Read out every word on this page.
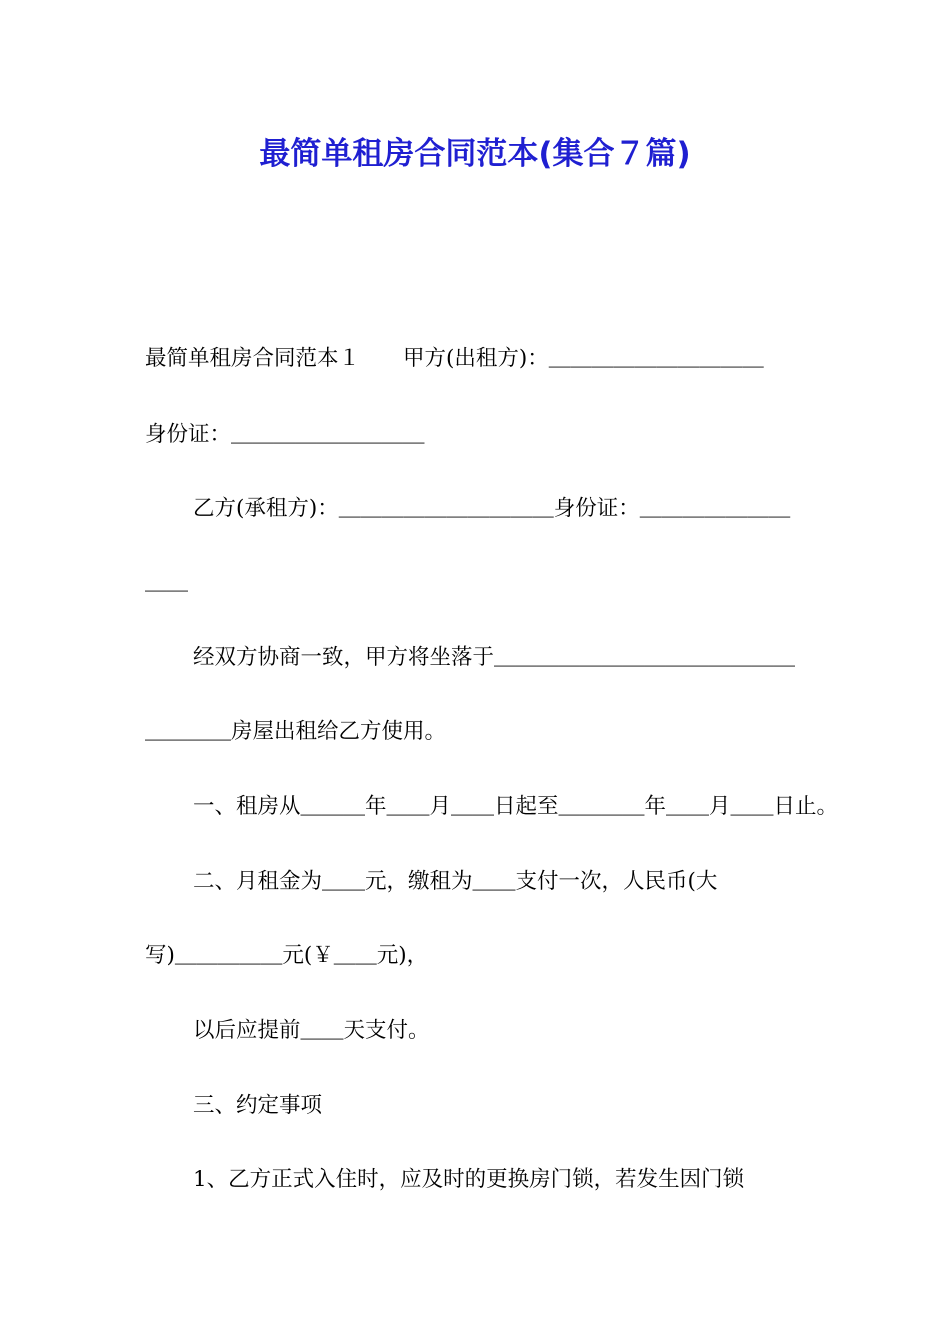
最简单租房合同范本(集合７篇)
最简单租房合同范本１　　甲方(出租方)：＿＿＿＿＿＿＿＿＿＿
身份证：＿＿＿＿＿＿＿＿＿
乙方(承租方)：＿＿＿＿＿＿＿＿＿＿身份证：＿＿＿＿＿＿＿
＿＿
经双方协商一致，甲方将坐落于＿＿＿＿＿＿＿＿＿＿＿＿＿＿
＿＿＿＿房屋出租给乙方使用。
一、租房从＿＿＿年＿＿月＿＿日起至＿＿＿＿年＿＿月＿＿日止。
二、月租金为＿＿元，缴租为＿＿支付一次，人民币(大
写)＿＿＿＿＿元(￥＿＿元)，
以后应提前＿＿天支付。
三、约定事项
1、乙方正式入住时，应及时的更换房门锁，若发生因门锁
